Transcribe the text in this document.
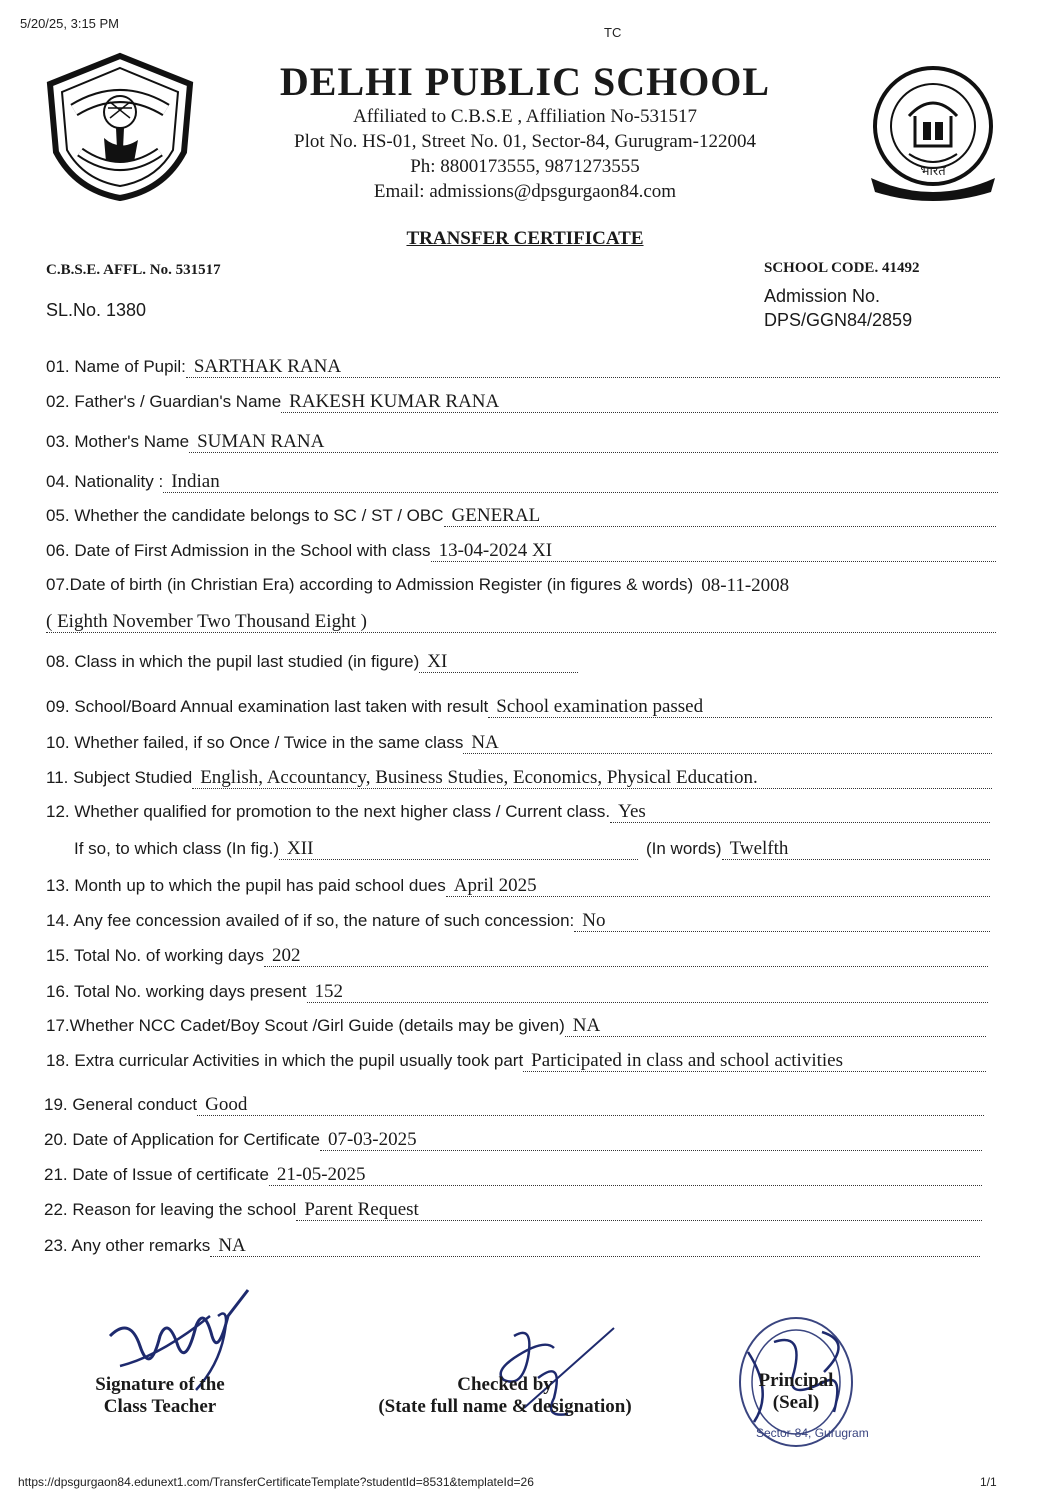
5/20/25, 3:15 PM
TC
भारत
DELHI PUBLIC SCHOOL
Affiliated to C.B.S.E , Affiliation No-531517
Plot No. HS-01, Street No. 01, Sector-84, Gurugram-122004
Ph: 8800173555, 9871273555
Email: admissions@dpsgurgaon84.com
TRANSFER CERTIFICATE
C.B.S.E. AFFL. No. 531517	SCHOOL CODE. 41492
SL.No. 1380
Admission No.
DPS/GGN84/2859
01. Name of Pupil: SARTHAK RANA
02. Father's / Guardian's Name RAKESH KUMAR RANA
03. Mother's Name SUMAN RANA
04. Nationality : Indian
05. Whether the candidate belongs to SC / ST / OBC GENERAL
06. Date of First Admission in the School with class 13-04-2024 XI
07.Date of birth (in Christian Era) according to Admission Register (in figures & words) 08-11-2008
( Eighth November Two Thousand Eight )
08. Class in which the pupil last studied (in figure) XI
09. School/Board Annual examination last taken with result School examination passed
10. Whether failed, if so Once / Twice in the same class NA
11. Subject Studied English, Accountancy, Business Studies, Economics, Physical Education.
12. Whether qualified for promotion to the next higher class / Current class. Yes
If so, to which class (In fig.) XII	(In words) Twelfth
13. Month up to which the pupil has paid school dues April 2025
14. Any fee concession availed of if so, the nature of such concession: No
15. Total No. of working days 202
16. Total No. working days present 152
17.Whether NCC Cadet/Boy Scout /Girl Guide (details may be given) NA
18. Extra curricular Activities in which the pupil usually took part Participated in class and school activities
19. General conduct Good
20. Date of Application for Certificate 07-03-2025
21. Date of Issue of certificate 21-05-2025
22. Reason for leaving the school Parent Request
23. Any other remarks NA
Signature of the
Class Teacher
Checked by
(State full name & designation)
Principal
(Seal)
Sector-84, Gurugram
https://dpsgurgaon84.edunext1.com/TransferCertificateTemplate?studentId=8531&templateId=26	1/1
